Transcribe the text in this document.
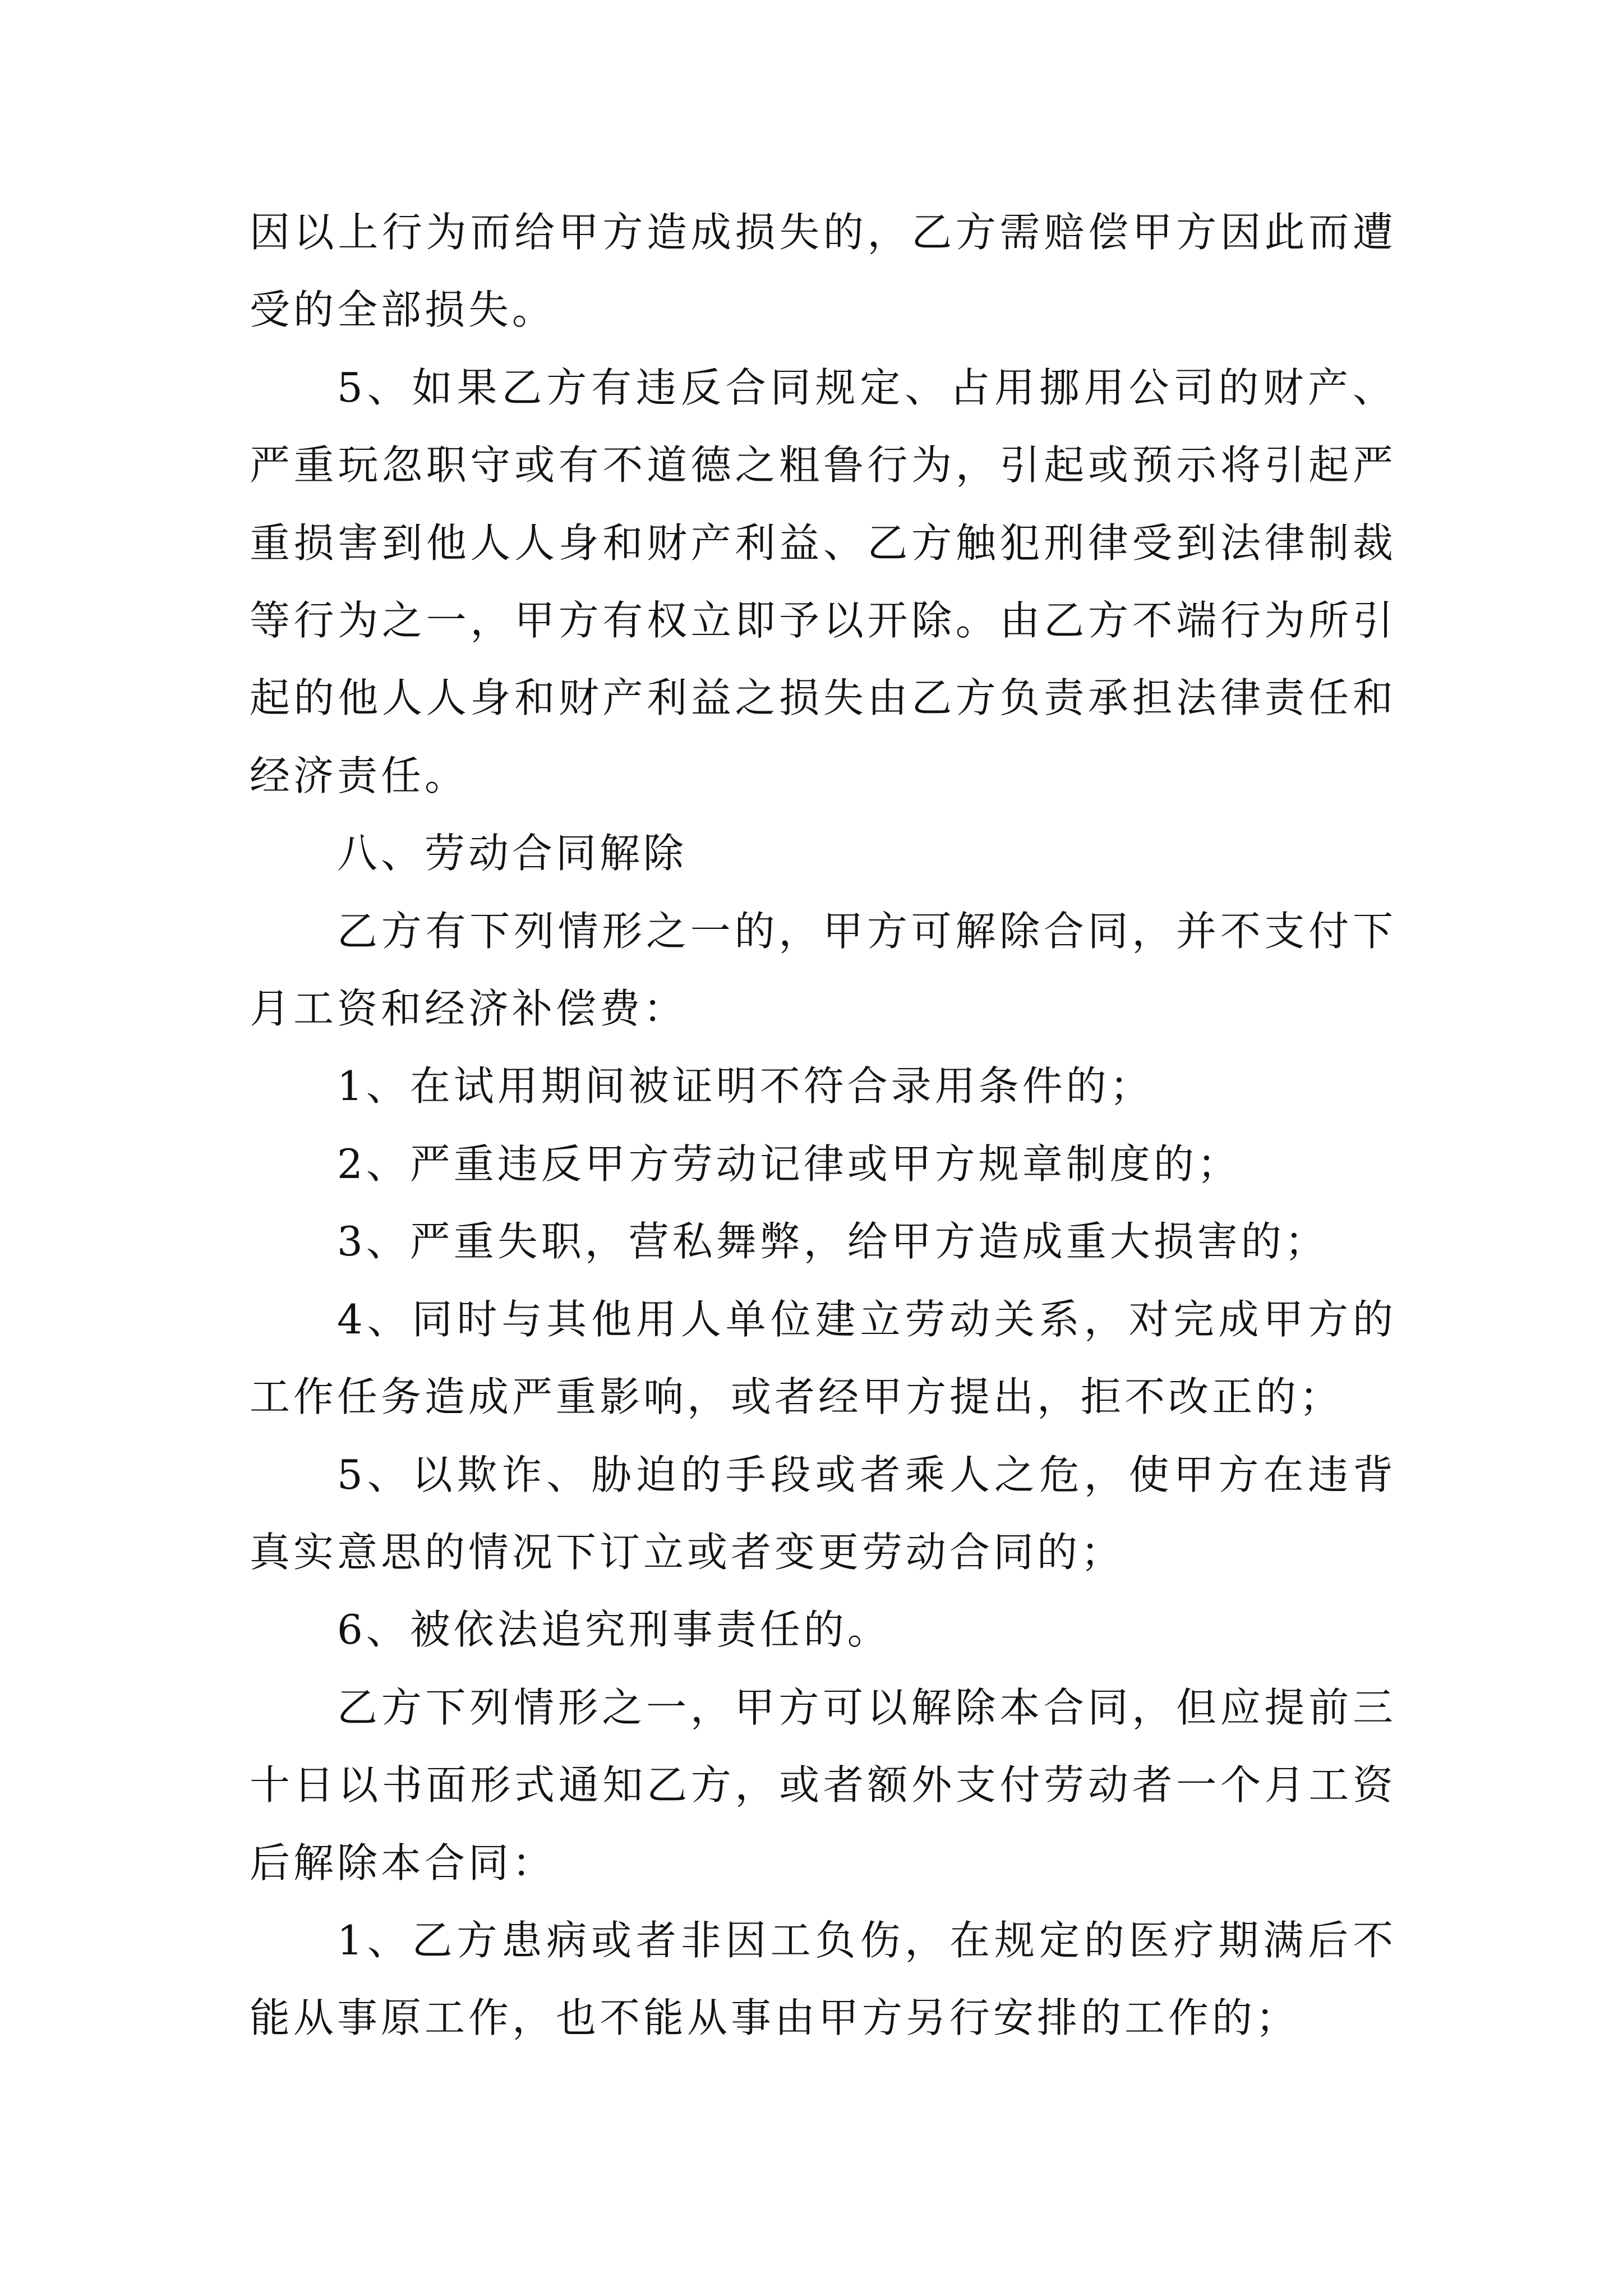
因以上行为而给甲方造成损失的，乙方需赔偿甲方因此而遭受的全部损失。

5、如果乙方有违反合同规定、占用挪用公司的财产、严重玩忽职守或有不道德之粗鲁行为，引起或预示将引起严重损害到他人人身和财产利益、乙方触犯刑律受到法律制裁等行为之一，甲方有权立即予以开除。由乙方不端行为所引起的他人人身和财产利益之损失由乙方负责承担法律责任和经济责任。

八、劳动合同解除

乙方有下列情形之一的，甲方可解除合同，并不支付下月工资和经济补偿费：

1、在试用期间被证明不符合录用条件的；

2、严重违反甲方劳动记律或甲方规章制度的；

3、严重失职，营私舞弊，给甲方造成重大损害的；

4、同时与其他用人单位建立劳动关系，对完成甲方的工作任务造成严重影响，或者经甲方提出，拒不改正的；

5、以欺诈、胁迫的手段或者乘人之危，使甲方在违背真实意思的情况下订立或者变更劳动合同的；

6、被依法追究刑事责任的。

乙方下列情形之一，甲方可以解除本合同，但应提前三十日以书面形式通知乙方，或者额外支付劳动者一个月工资后解除本合同：

1、乙方患病或者非因工负伤，在规定的医疗期满后不能从事原工作，也不能从事由甲方另行安排的工作的；
